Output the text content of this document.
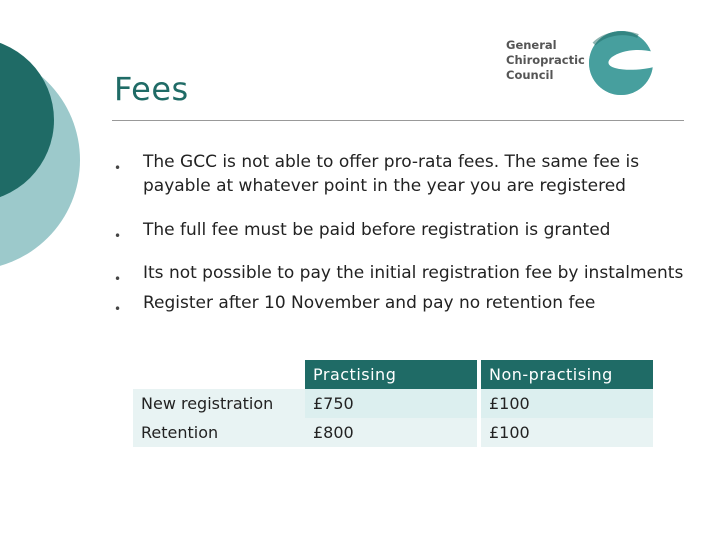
General
Chiropractic
Council
Fees
• The GCC is not able to offer pro-rata fees. The same fee is payable at whatever point in the year you are registered
• The full fee must be paid before registration is granted
• Its not possible to pay the initial registration fee by instalments
• Register after 10 November and pay no retention fee
	Practising	Non-practising
New registration	£750	£100
Retention	£800	£100
